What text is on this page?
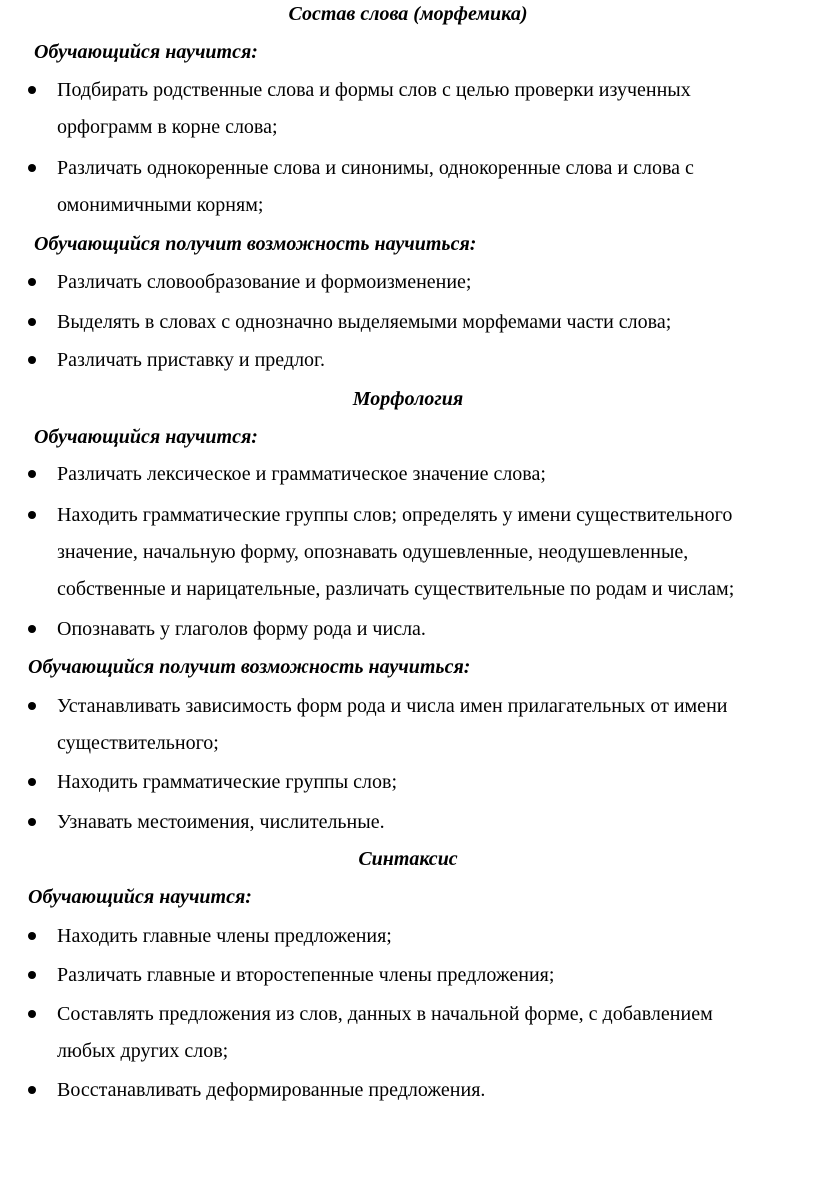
Состав слова (морфемика)

Обучающийся научится:

Подбирать родственные слова и формы слов с целью проверки изученных
орфограмм в корне слова;

Различать однокоренные слова и синонимы, однокоренные слова и слова с
омонимичными корням;

Обучающийся получит возможность научиться:

Различать словообразование и формоизменение;

Выделять в словах с однозначно выделяемыми морфемами части слова;

Различать приставку и предлог.

Морфология

Обучающийся научится:

Различать лексическое и грамматическое значение слова;

Находить грамматические группы слов; определять у имени существительного
значение, начальную форму, опознавать одушевленные, неодушевленные,
собственные и нарицательные, различать существительные по родам и числам;

Опознавать у глаголов форму рода и числа.

Обучающийся получит возможность научиться:

Устанавливать зависимость форм рода и числа имен прилагательных от имени
существительного;

Находить грамматические группы слов;

Узнавать местоимения, числительные.

Синтаксис

Обучающийся научится:

Находить главные члены предложения;

Различать главные и второстепенные члены предложения;

Составлять предложения из слов, данных в начальной форме, с добавлением
любых других слов;

Восстанавливать деформированные предложения.
